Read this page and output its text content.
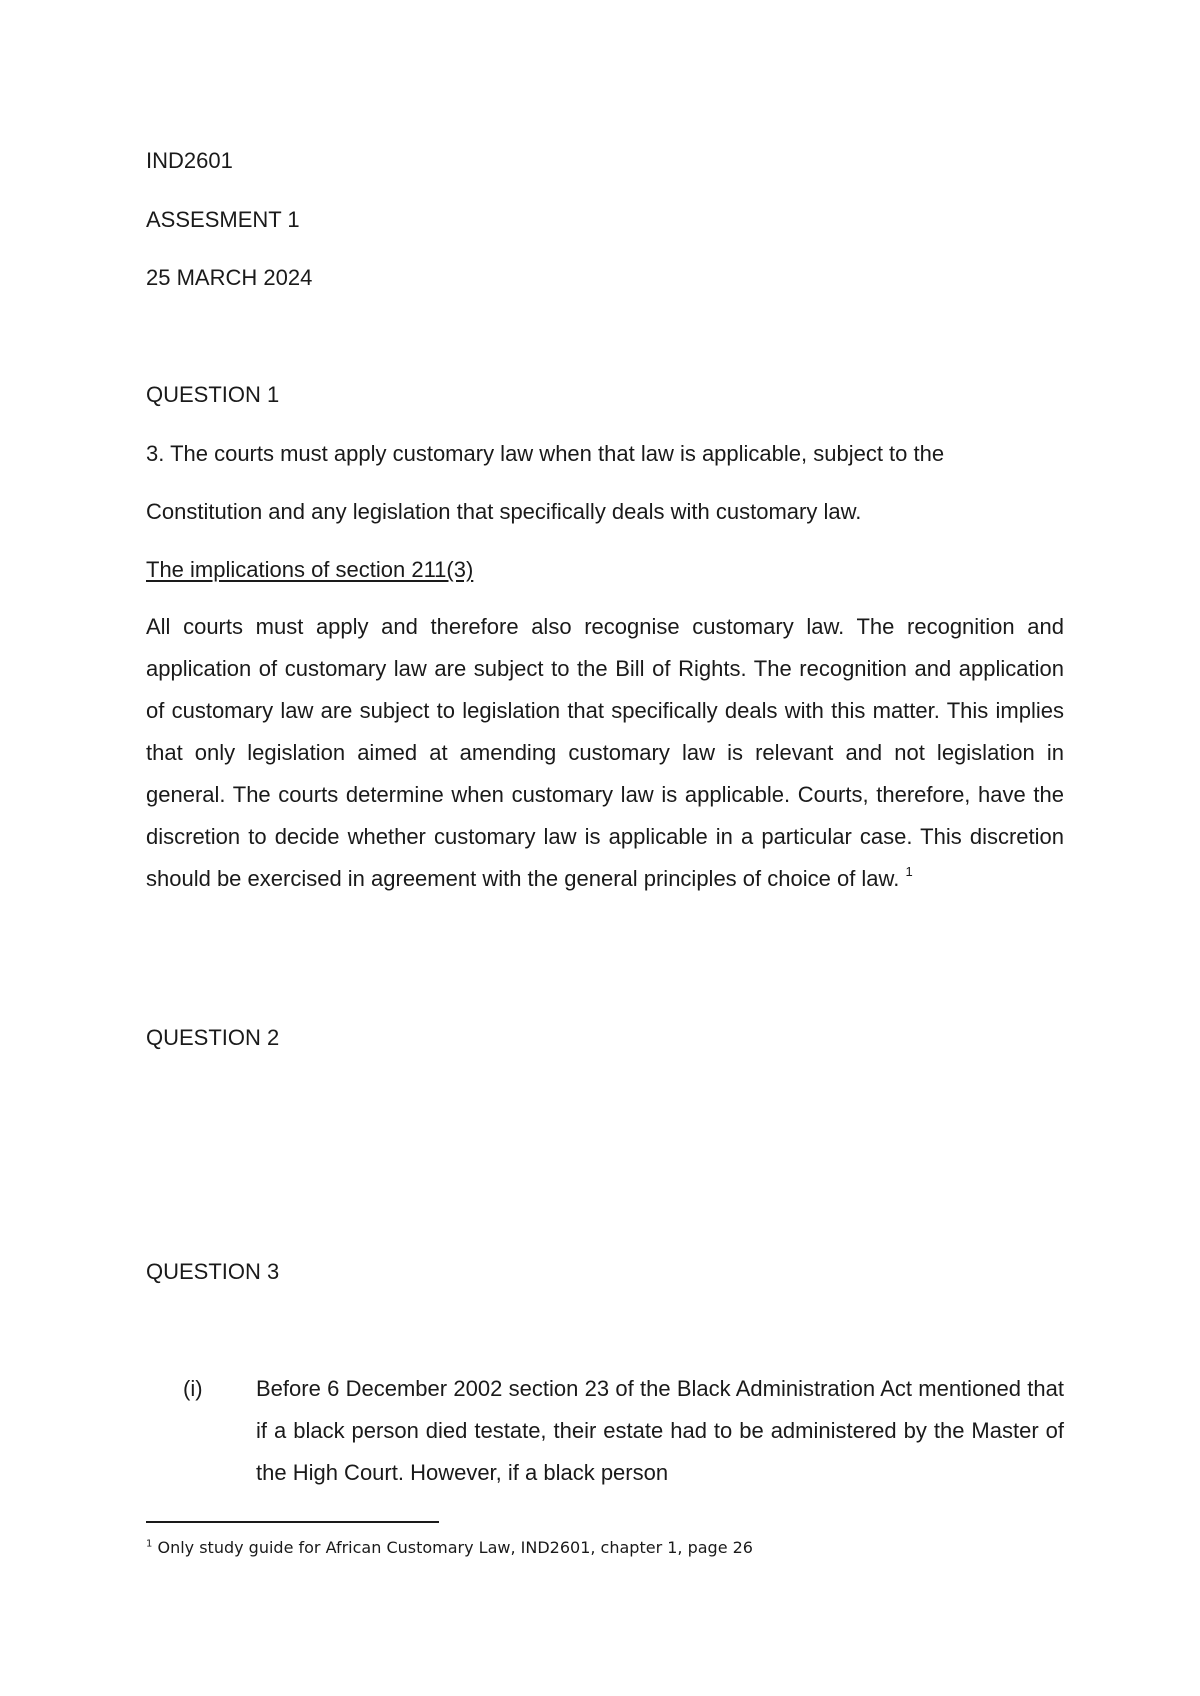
IND2601
ASSESMENT 1
25 MARCH 2024
QUESTION 1
3. The courts must apply customary law when that law is applicable, subject to the
Constitution and any legislation that specifically deals with customary law.
The implications of section 211(3)

All courts must apply and therefore also recognise customary law. The recognition and application of customary law are subject to the Bill of Rights. The recognition and application of customary law are subject to legislation that specifically deals with this matter. This implies that only legislation aimed at amending customary law is relevant and not legislation in general. The courts determine when customary law is applicable. Courts, therefore, have the discretion to decide whether customary law is applicable in a particular case. This discretion should be exercised in agreement with the general principles of choice of law. $^1$

QUESTION 2
QUESTION 3
(i) Before 6 December 2002 section 23 of the Black Administration Act mentioned that if a black person died testate, their estate had to be administered by the Master of the High Court. However, if a black person

$^1$ Only study guide for African Customary Law, IND2601, chapter 1, page 26
